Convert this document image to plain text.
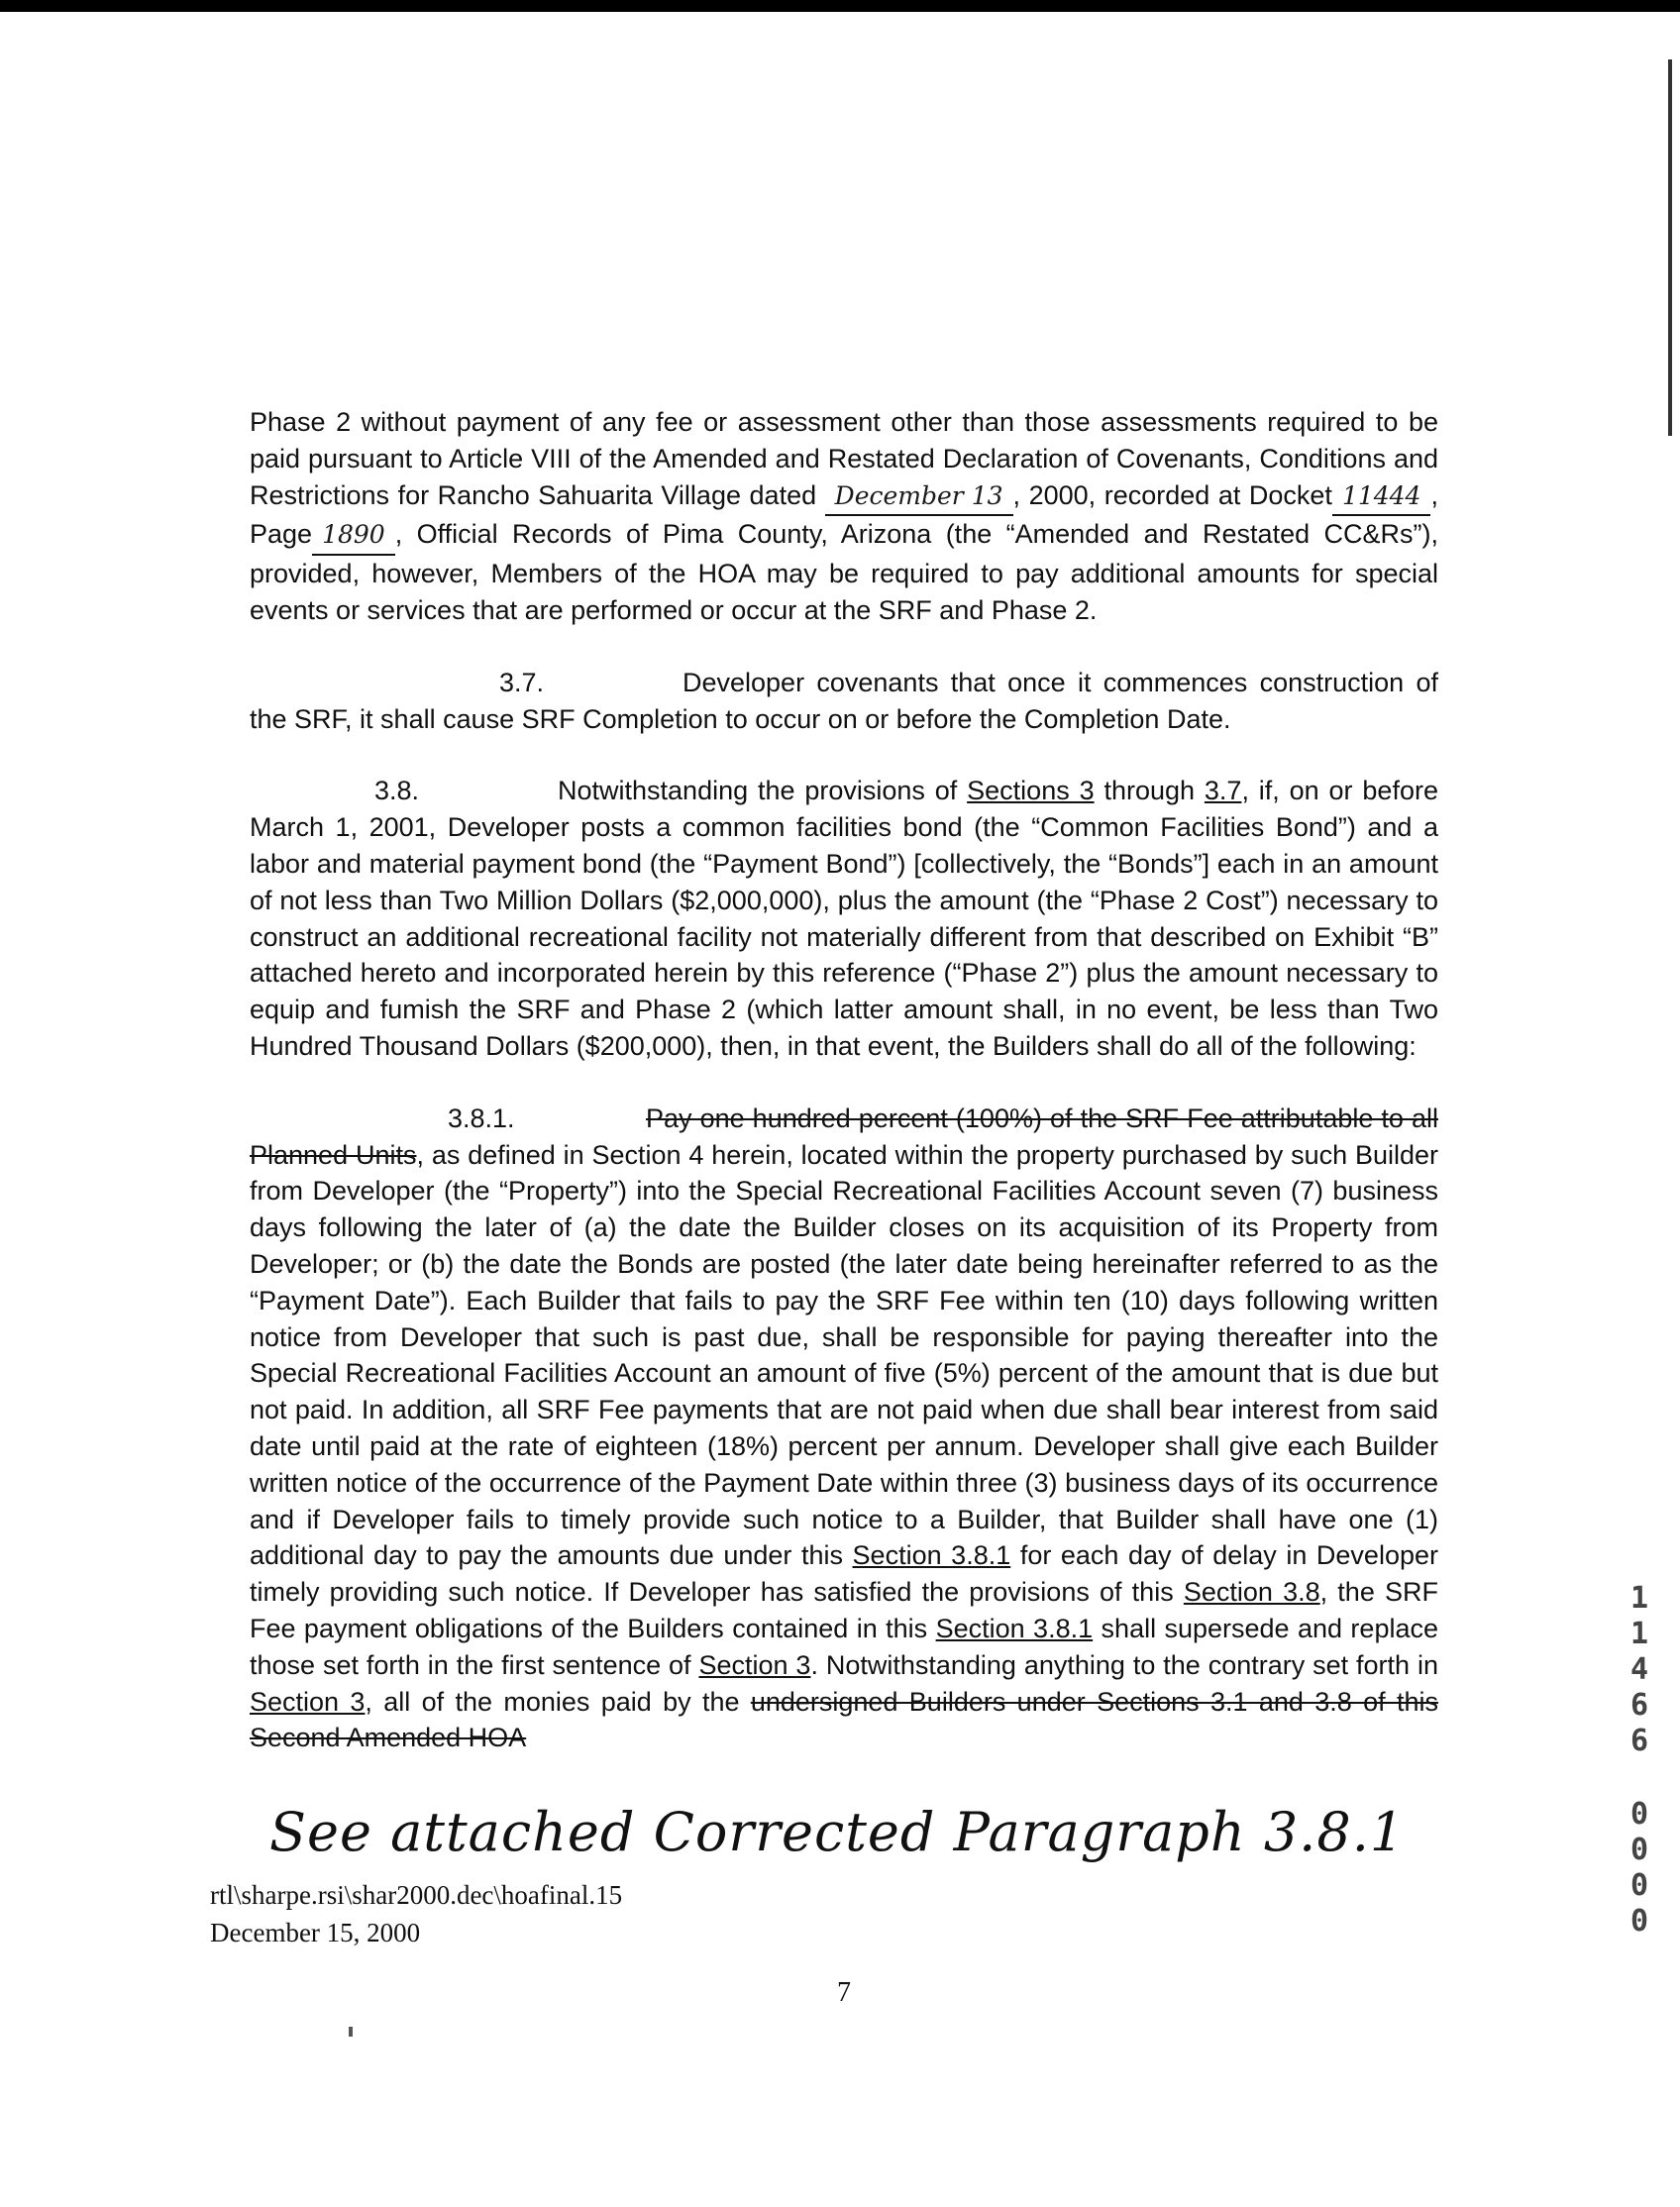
Phase 2 without payment of any fee or assessment other than those assessments required to be paid pursuant to Article VIII of the Amended and Restated Declaration of Covenants, Conditions and Restrictions for Rancho Sahuarita Village dated December 13 , 2000, recorded at Docket 11444 , Page 1890 , Official Records of Pima County, Arizona (the “Amended and Restated CC&Rs”), provided, however, Members of the HOA may be required to pay additional amounts for special events or services that are performed or occur at the SRF and Phase 2.

3.7.	Developer covenants that once it commences construction of the SRF, it shall cause SRF Completion to occur on or before the Completion Date.

3.8.	Notwithstanding the provisions of Sections 3 through 3.7, if, on or before March 1, 2001, Developer posts a common facilities bond (the “Common Facilities Bond”) and a labor and material payment bond (the “Payment Bond”) [collectively, the “Bonds”] each in an amount of not less than Two Million Dollars ($2,000,000), plus the amount (the “Phase 2 Cost”) necessary to construct an additional recreational facility not materially different from that described on Exhibit “B” attached hereto and incorporated herein by this reference (“Phase 2”) plus the amount necessary to equip and fumish the SRF and Phase 2 (which latter amount shall, in no event, be less than Two Hundred Thousand Dollars ($200,000), then, in that event, the Builders shall do all of the following:

3.8.1.	Pay one hundred percent (100%) of the SRF Fee attributable to all Planned Units, as defined in Section 4 herein, located within the property purchased by such Builder from Developer (the “Property”) into the Special Recreational Facilities Account seven (7) business days following the later of (a) the date the Builder closes on its acquisition of its Property from Developer; or (b) the date the Bonds are posted (the later date being hereinafter referred to as the “Payment Date”). Each Builder that fails to pay the SRF Fee within ten (10) days following written notice from Developer that such is past due, shall be responsible for paying thereafter into the Special Recreational Facilities Account an amount of five (5%) percent of the amount that is due but not paid. In addition, all SRF Fee payments that are not paid when due shall bear interest from said date until paid at the rate of eighteen (18%) percent per annum. Developer shall give each Builder written notice of the occurrence of the Payment Date within three (3) business days of its occurrence and if Developer fails to timely provide such notice to a Builder, that Builder shall have one (1) additional day to pay the amounts due under this Section 3.8.1 for each day of delay in Developer timely providing such notice. If Developer has satisfied the provisions of this Section 3.8, the SRF Fee payment obligations of the Builders contained in this Section 3.8.1 shall supersede and replace those set forth in the first sentence of Section 3. Notwithstanding anything to the contrary set forth in Section 3, all of the monies paid by the undersigned Builders under Sections 3.1 and 3.8 of this Second Amended HOA

See attached Corrected Paragraph 3.8.1
rtl\sharpe.rsi\shar2000.dec\hoafinal.15
December 15, 2000
7
1
1
4
6
6
0
0
0
0
